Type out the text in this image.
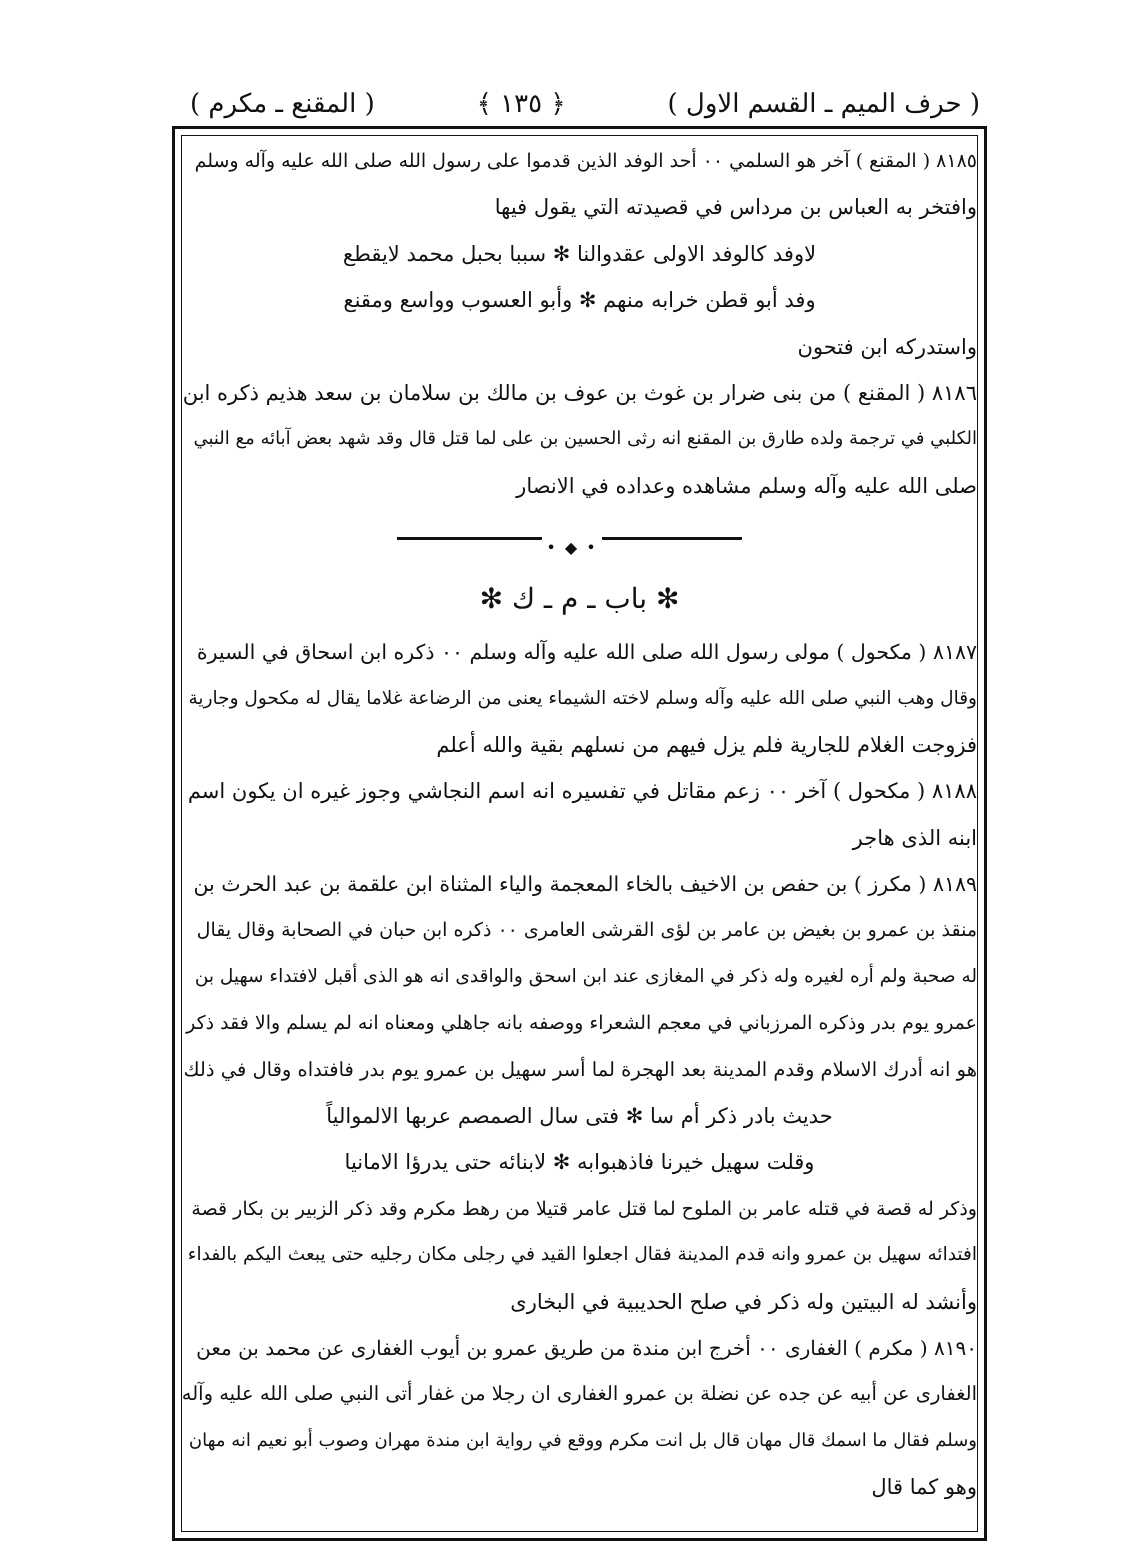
( حرف الميم ـ القسم الاول )
﴿ ١٣٥ ﴾
( المقنع ـ مكرم )
٨١٨٥ ( المقنع ) آخر هو السلمي ٠٠ أحد الوفد الذين قدموا على رسول الله صلى الله عليه وآله وسلم
وافتخر به العباس بن مرداس في قصيدته التي يقول فيها
لاوفد كالوفد الاولى عقدوالنا ✻ سببا بحبل محمد لايقطع
وفد أبو قطن خرابه منهم ✻ وأبو العسوب وواسع ومقنع
واستدركه ابن فتحون
٨١٨٦ ( المقنع ) من بنى ضرار بن غوث بن عوف بن مالك بن سلامان بن سعد هذيم ذكره ابن
الكلبي في ترجمة ولده طارق بن المقنع انه رثى الحسين بن على لما قتل قال وقد شهد بعض آبائه مع النبي
صلى الله عليه وآله وسلم مشاهده وعداده في الانصار
• ◆ •
✻ باب ـ م ـ ك ✻
٨١٨٧ ( مكحول ) مولى رسول الله صلى الله عليه وآله وسلم ٠٠ ذكره ابن اسحاق في السيرة
وقال وهب النبي صلى الله عليه وآله وسلم لاخته الشيماء يعنى من الرضاعة غلاما يقال له مكحول وجارية
فزوجت الغلام للجارية فلم يزل فيهم من نسلهم بقية والله أعلم
٨١٨٨ ( مكحول ) آخر ٠٠ زعم مقاتل في تفسيره انه اسم النجاشي وجوز غيره ان يكون اسم
ابنه الذى هاجر
٨١٨٩ ( مكرز ) بن حفص بن الاخيف بالخاء المعجمة والياء المثناة ابن علقمة بن عبد الحرث بن
منقذ بن عمرو بن بغيض بن عامر بن لؤى القرشى العامرى ٠٠ ذكره ابن حبان في الصحابة وقال يقال
له صحبة ولم أره لغيره وله ذكر في المغازى عند ابن اسحق والواقدى انه هو الذى أقبل لافتداء سهيل بن
عمرو يوم بدر وذكره المرزباني في معجم الشعراء ووصفه بانه جاهلي ومعناه انه لم يسلم والا فقد ذكر
هو انه أدرك الاسلام وقدم المدينة بعد الهجرة لما أسر سهيل بن عمرو يوم بدر فافتداه وقال في ذلك
حديث بادر ذكر أم سا ✻ فتى سال الصمصم عربها الالموالياً
وقلت سهيل خيرنا فاذهبوابه ✻ لابنائه حتى يدرؤا الامانيا
وذكر له قصة في قتله عامر بن الملوح لما قتل عامر قتيلا من رهط مكرم وقد ذكر الزبير بن بكار قصة
افتدائه سهيل بن عمرو وانه قدم المدينة فقال اجعلوا القيد في رجلى مكان رجليه حتى يبعث اليكم بالفداء
وأنشد له البيتين وله ذكر في صلح الحديبية في البخارى
٨١٩٠ ( مكرم ) الغفارى ٠٠ أخرج ابن مندة من طريق عمرو بن أيوب الغفارى عن محمد بن معن
الغفارى عن أبيه عن جده عن نضلة بن عمرو الغفارى ان رجلا من غفار أتى النبي صلى الله عليه وآله
وسلم فقال ما اسمك قال مهان قال بل انت مكرم ووقع في رواية ابن مندة مهران وصوب أبو نعيم انه مهان
وهو كما قال
